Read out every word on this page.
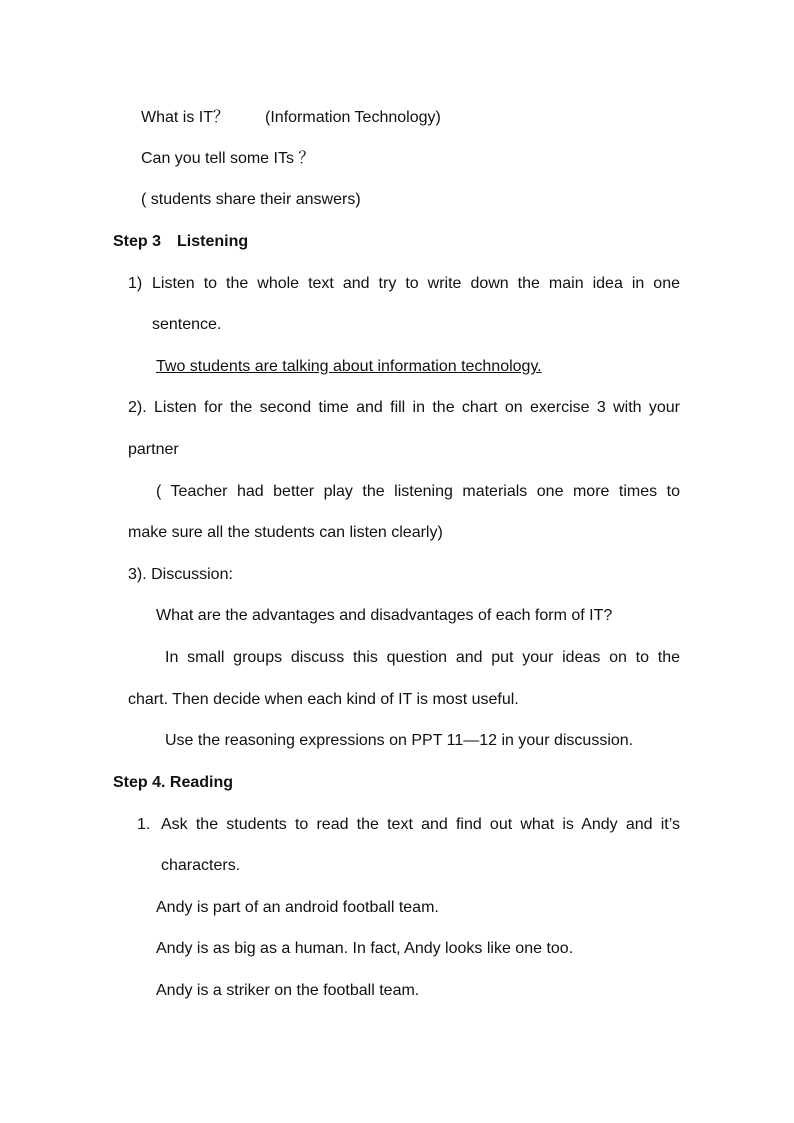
What is IT？ (Information Technology)
Can you tell some ITs ？
( students share their answers)
Step 3 Listening
1) Listen to the whole text and try to write down the main idea in one
sentence.
Two students are talking about information technology.
2). Listen for the second time and fill in the chart on exercise 3 with your
partner
( Teacher had better play the listening materials one more times to
make sure all the students can listen clearly)
3). Discussion:
What are the advantages and disadvantages of each form of IT?
In small groups discuss this question and put your ideas on to the
chart. Then decide when each kind of IT is most useful.
Use the reasoning expressions on PPT 11—12 in your discussion.
Step 4. Reading
1. Ask the students to read the text and find out what is Andy and it’s
characters.
Andy is part of an android football team.
Andy is as big as a human. In fact, Andy looks like one too.
Andy is a striker on the football team.
